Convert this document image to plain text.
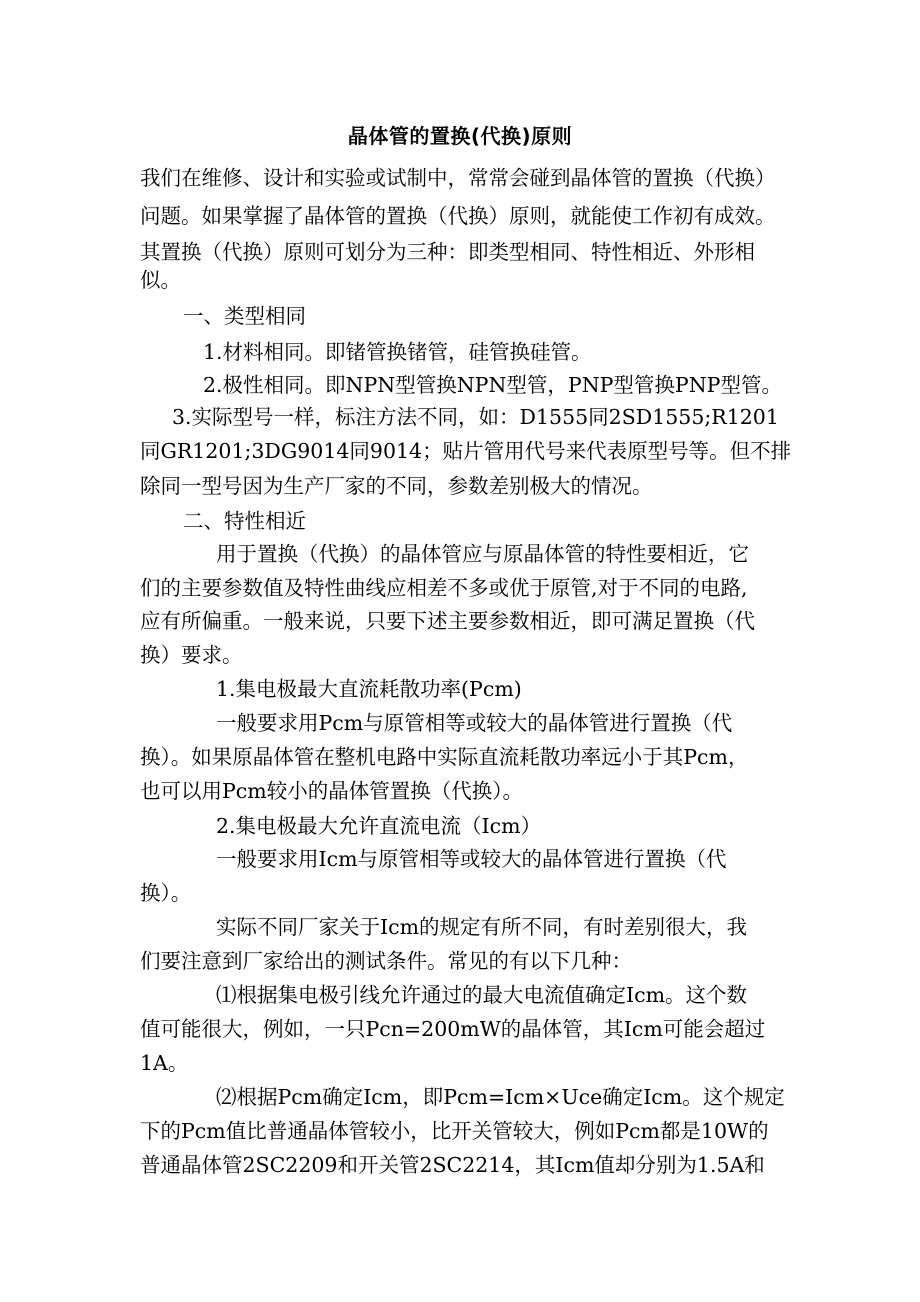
晶体管的置换(代换)原则
我们在维修、设计和实验或试制中，常常会碰到晶体管的置换（代换）
问题。如果掌握了晶体管的置换（代换）原则，就能使工作初有成效。
其置换（代换）原则可划分为三种：即类型相同、特性相近、外形相
似。
一、类型相同
1.材料相同。即锗管换锗管，硅管换硅管。
2.极性相同。即NPN型管换NPN型管，PNP型管换PNP型管。
3.实际型号一样，标注方法不同，如：D1555同2SD1555;R1201
同GR1201;3DG9014同9014；贴片管用代号来代表原型号等。但不排
除同一型号因为生产厂家的不同，参数差别极大的情况。
二、特性相近
用于置换（代换）的晶体管应与原晶体管的特性要相近，它
们的主要参数值及特性曲线应相差不多或优于原管,对于不同的电路,
应有所偏重。一般来说，只要下述主要参数相近，即可满足置换（代
换）要求。
1.集电极最大直流耗散功率(Pcm)
一般要求用Pcm与原管相等或较大的晶体管进行置换（代
换）。如果原晶体管在整机电路中实际直流耗散功率远小于其Pcm，
也可以用Pcm较小的晶体管置换（代换）。
2.集电极最大允许直流电流（Icm）
一般要求用Icm与原管相等或较大的晶体管进行置换（代
换）。
实际不同厂家关于Icm的规定有所不同，有时差别很大，我
们要注意到厂家给出的测试条件。常见的有以下几种：
⑴根据集电极引线允许通过的最大电流值确定Icm。这个数
值可能很大，例如，一只Pcn=200mW的晶体管，其Icm可能会超过
1A。
⑵根据Pcm确定Icm，即Pcm=Icm×Uce确定Icm。这个规定
下的Pcm值比普通晶体管较小，比开关管较大，例如Pcm都是10W的
普通晶体管2SC2209和开关管2SC2214，其Icm值却分别为1.5A和
